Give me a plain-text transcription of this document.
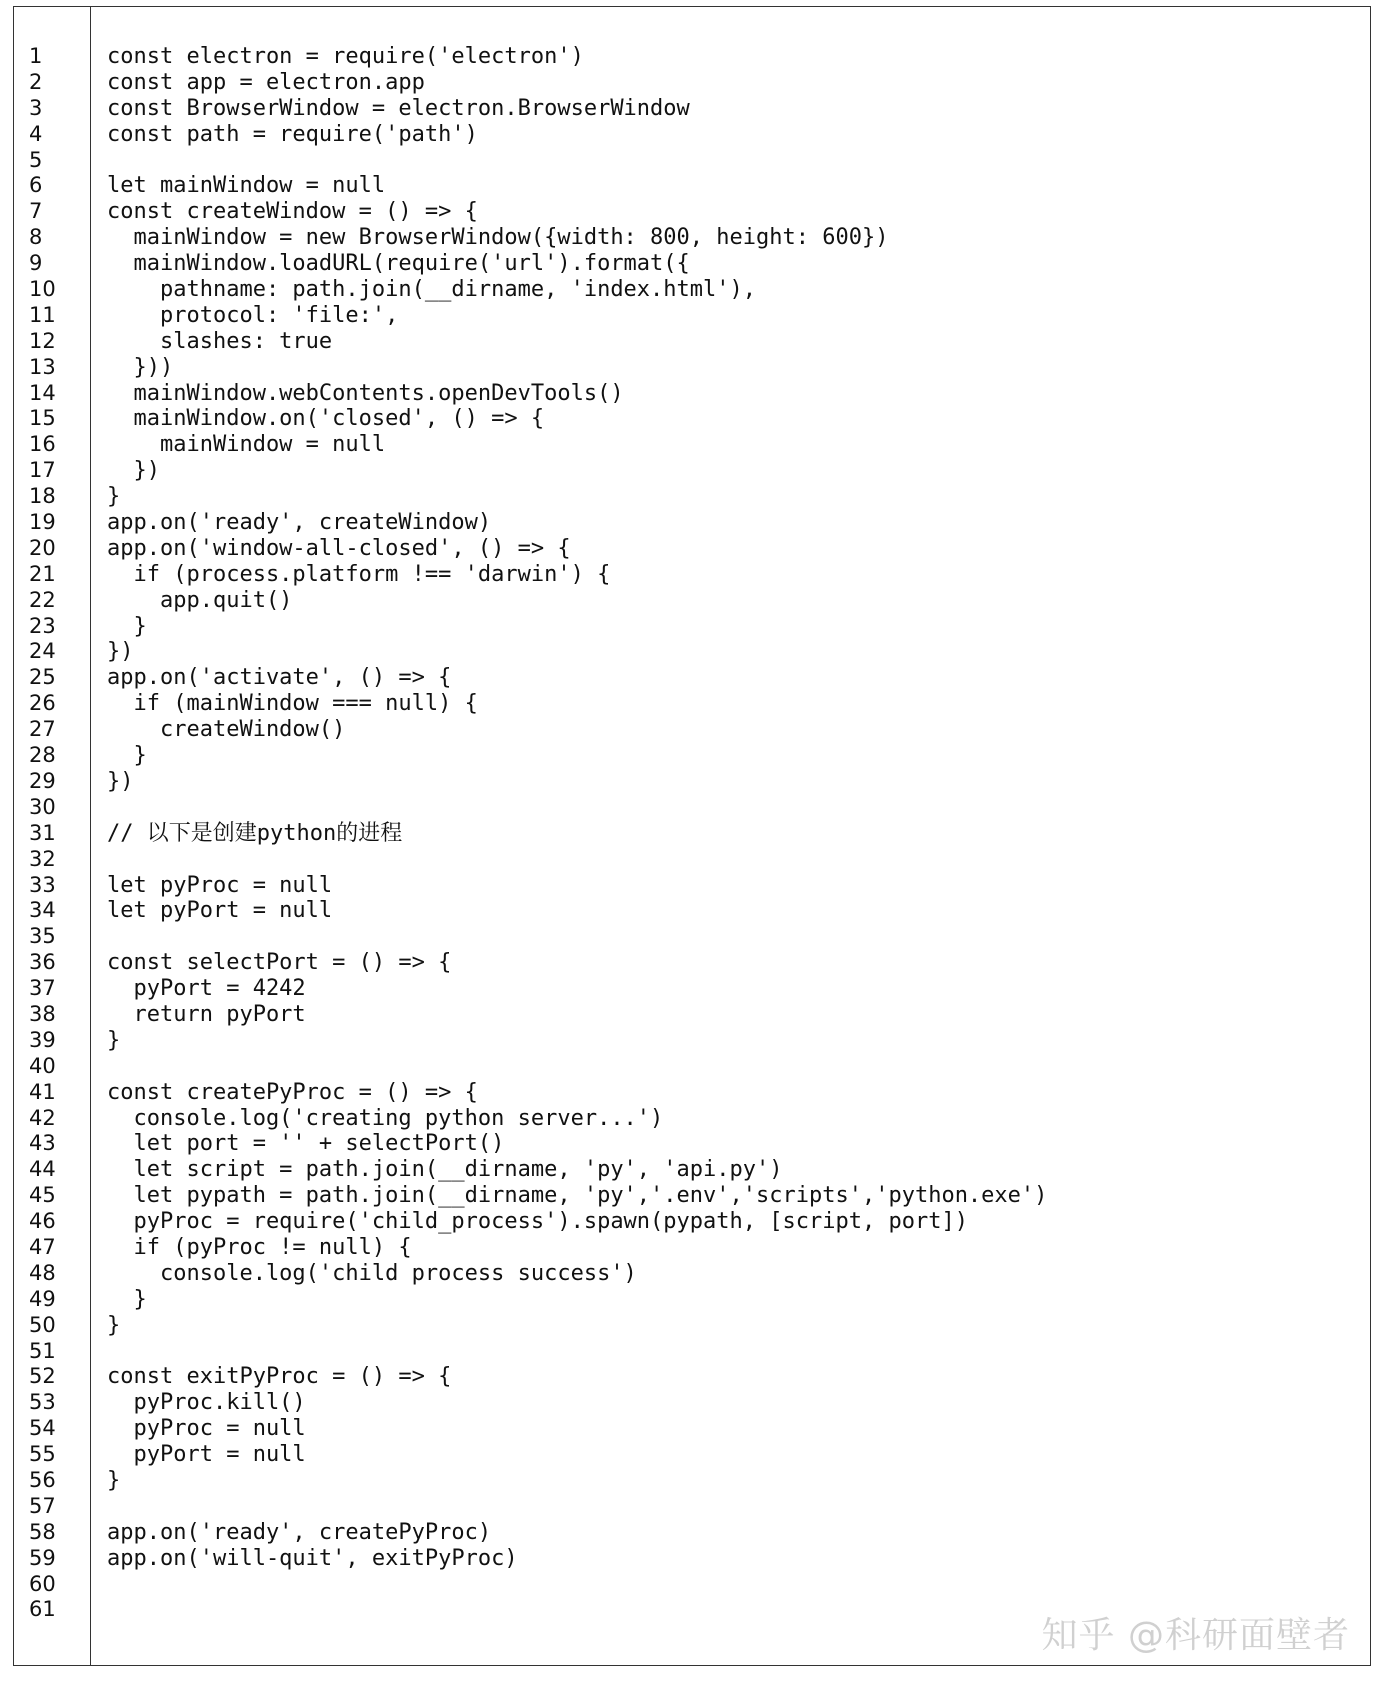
1
2
3
4
5
6
7
8
9
10
11
12
13
14
15
16
17
18
19
20
21
22
23
24
25
26
27
28
29
30
31
32
33
34
35
36
37
38
39
40
41
42
43
44
45
46
47
48
49
50
51
52
53
54
55
56
57
58
59
60
61
const electron = require('electron')
const app = electron.app
const BrowserWindow = electron.BrowserWindow
const path = require('path')
let mainWindow = null
const createWindow = () => {
mainWindow = new BrowserWindow({width: 800, height: 600})
mainWindow.loadURL(require('url').format({
pathname: path.join(__dirname, 'index.html'),
protocol: 'file:',
slashes: true
}))
mainWindow.webContents.openDevTools()
mainWindow.on('closed', () => {
mainWindow = null
})
}
app.on('ready', createWindow)
app.on('window-all-closed', () => {
if (process.platform !== 'darwin') {
app.quit()
}
})
app.on('activate', () => {
if (mainWindow === null) {
createWindow()
}
})
// 以下是创建python的进程
let pyProc = null
let pyPort = null
const selectPort = () => {
pyPort = 4242
return pyPort
}
const createPyProc = () => {
console.log('creating python server...')
let port = '' + selectPort()
let script = path.join(__dirname, 'py', 'api.py')
let pypath = path.join(__dirname, 'py','.env','scripts','python.exe')
pyProc = require('child_process').spawn(pypath, [script, port])
if (pyProc != null) {
console.log('child process success')
}
}
const exitPyProc = () => {
pyProc.kill()
pyProc = null
pyPort = null
}
app.on('ready', createPyProc)
app.on('will-quit', exitPyProc)
知乎 @科研面壁者
